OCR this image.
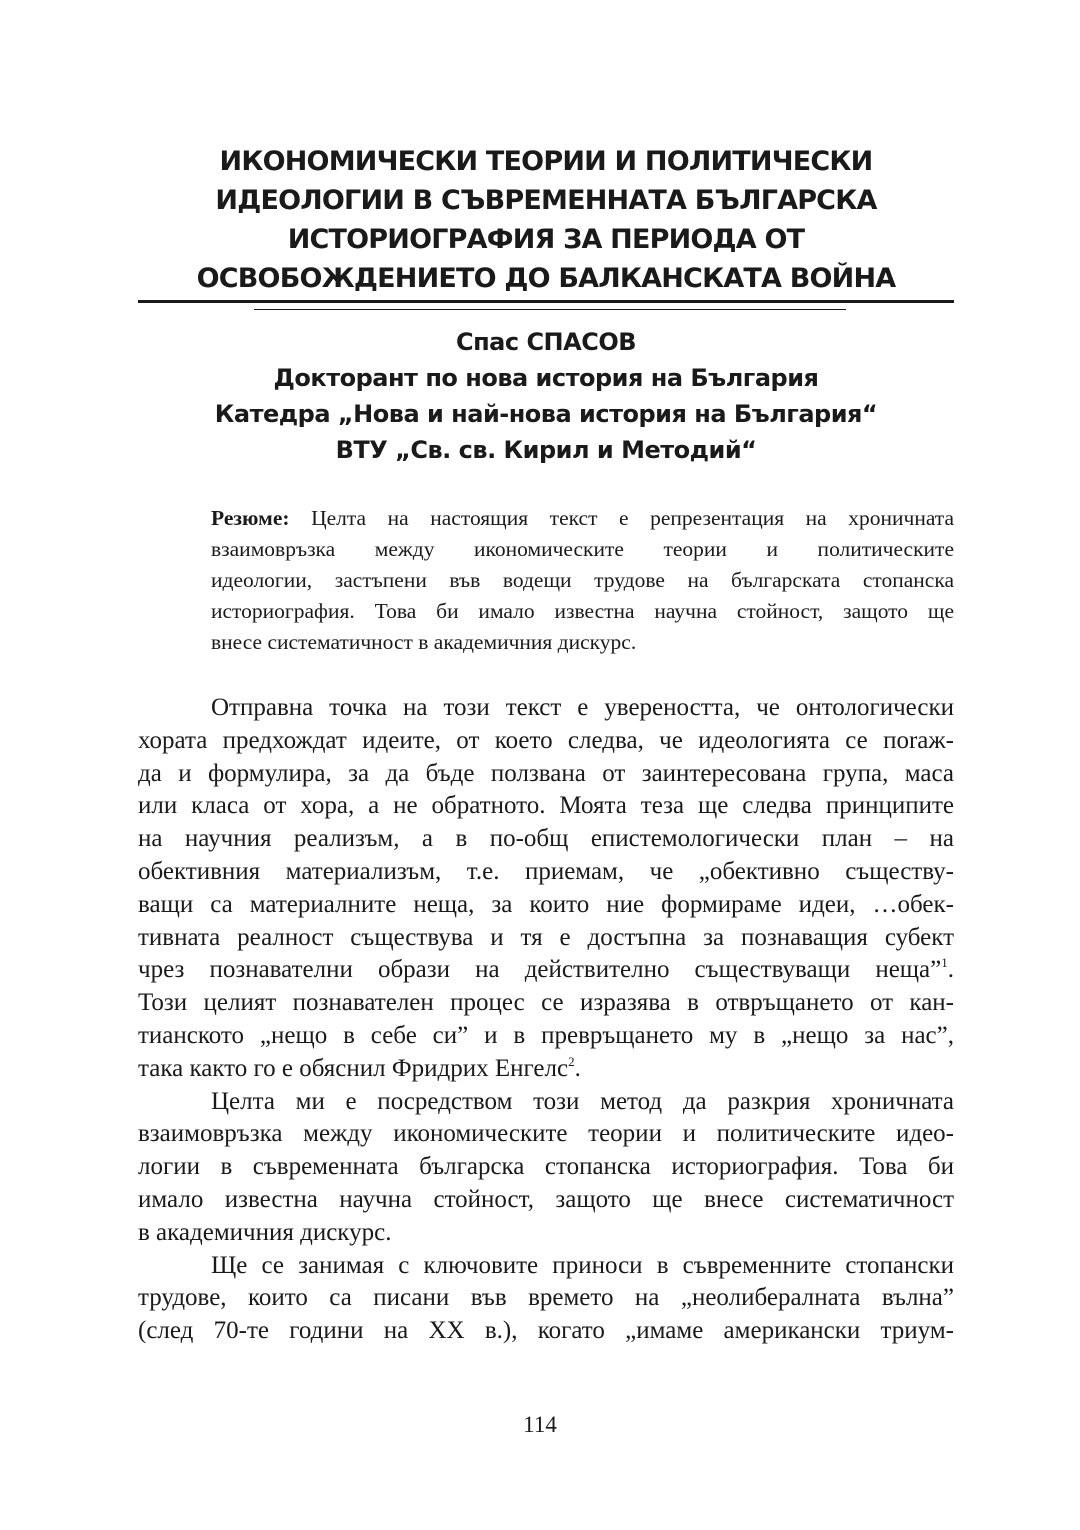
ИКОНОМИЧЕСКИ ТЕОРИИ И ПОЛИТИЧЕСКИ
ИДЕОЛОГИИ В СЪВРЕМЕННАТА БЪЛГАРСКА
ИСТОРИОГРАФИЯ ЗА ПЕРИОДА ОТ
ОСВОБОЖДЕНИЕТО ДО БАЛКАНСКАТА ВОЙНА
Спас СПАСОВ
Докторант по нова история на България
Катедра „Нова и най-нова история на България“
ВТУ „Св. св. Кирил и Методий“
Резюме: Целта на настоящия текст е репрезентация на хроничната
взаимовръзка между икономическите теории и политическите
идеологии, застъпени във водещи трудове на българската стопанска
историография. Това би имало известна научна стойност, защото ще
внесе систематичност в академичния дискурс.
Отправна точка на този текст е увереността, че онтологически
хората предхождат идеите, от което следва, че идеологията се поraж-
да и формулира, за да бъде ползвана от заинтересована група, маса
или класа от хора, а не обратното. Моята теза ще следва принципите
на научния реализъм, а в по-общ епистемологически план – на
обективния материализъм, т.е. приемам, че „обективно съществу-
ващи са материалните неща, за които ние формираме идеи, …обек-
тивната реалност съществува и тя е достъпна за познаващия субект
чрез познавателни образи на действително съществуващи неща”$^1$.
Този целият познавателен процес се изразява в отвръщането от кан-
тианското „нещо в себе си” и в превръщането му в „нещо за нас”,
така както го е обяснил Фридрих Енгелс$^2$.
Целта ми е посредством този метод да разкрия хроничната
взаимовръзка между икономическите теории и политическите идео-
логии в съвременната българска стопанска историография. Това би
имало известна научна стойност, защото ще внесе систематичност
в академичния дискурс.
Ще се занимая с ключовите приноси в съвременните стопански
трудове, които са писани във времето на „неолибералната вълна”
(след 70-те години на XX в.), когато „имаме американски триум-
114
